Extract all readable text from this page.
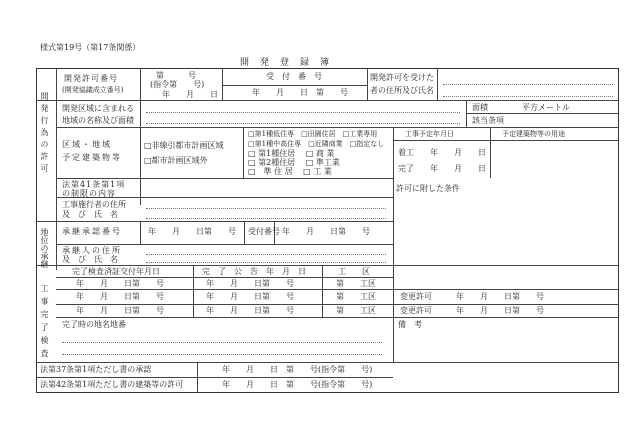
様式第19号（第17条関係）
開　発　登　録　簿
開発行為の許可
地位の承継
工事完了検査
開発許可番号
(開発協議成立番号)
第　　　号
(指令第　　号)
年　　月　　日
受　付　番　号
年　　月　　日　第　　号
開発許可を受けた
者の住所及び氏名
開発区域に含まれる
地域の名称及び面積
面積	平方メートル
該当条項
区域・地域
予定建築物等
□非線引都市計画区域
□都市計画区域外
□第1種低住専　□田園住居　□工業専用
□第1種中高住専　□近隣商業　□指定なし
□ 第1種住居　 □ 商 業
□ 第2種住居　 □ 準工業
□　準 住 居　 □ 工 業
工事予定年月日	予定建築物等の用途
着工　　年　　月　　日
完了　　年　　月　　日
法第41条第1項
の制限の内容
許可に附した条件
工事施行者の住所
及　び　氏　名
承継承認番号	年　　月　　日第　　号 受付番号 年　　月　　日第　　号
承継人の住所
及　び　氏　名
完了検査済証交付年月日	完　了　公　告　年　月　日	工　　区
年　　月　　日第　　号	年　　月　　日第　　号	第　　工区
年　　月　　日第　　号	年　　月　　日第　　号	第　　工区	変更許可	年　　月　　日第　　号
年　　月　　日第　　号	年　　月　　日第　　号	第　　工区	変更許可	年　　月　　日第　　号
完了時の地名地番	備　考
法第37条第1項ただし書の承認	年　　月　　日　第　　号(指令第　　号)
法第42条第1項ただし書の建築等の許可	年　　月　　日　第　　号(指令第　　号)
